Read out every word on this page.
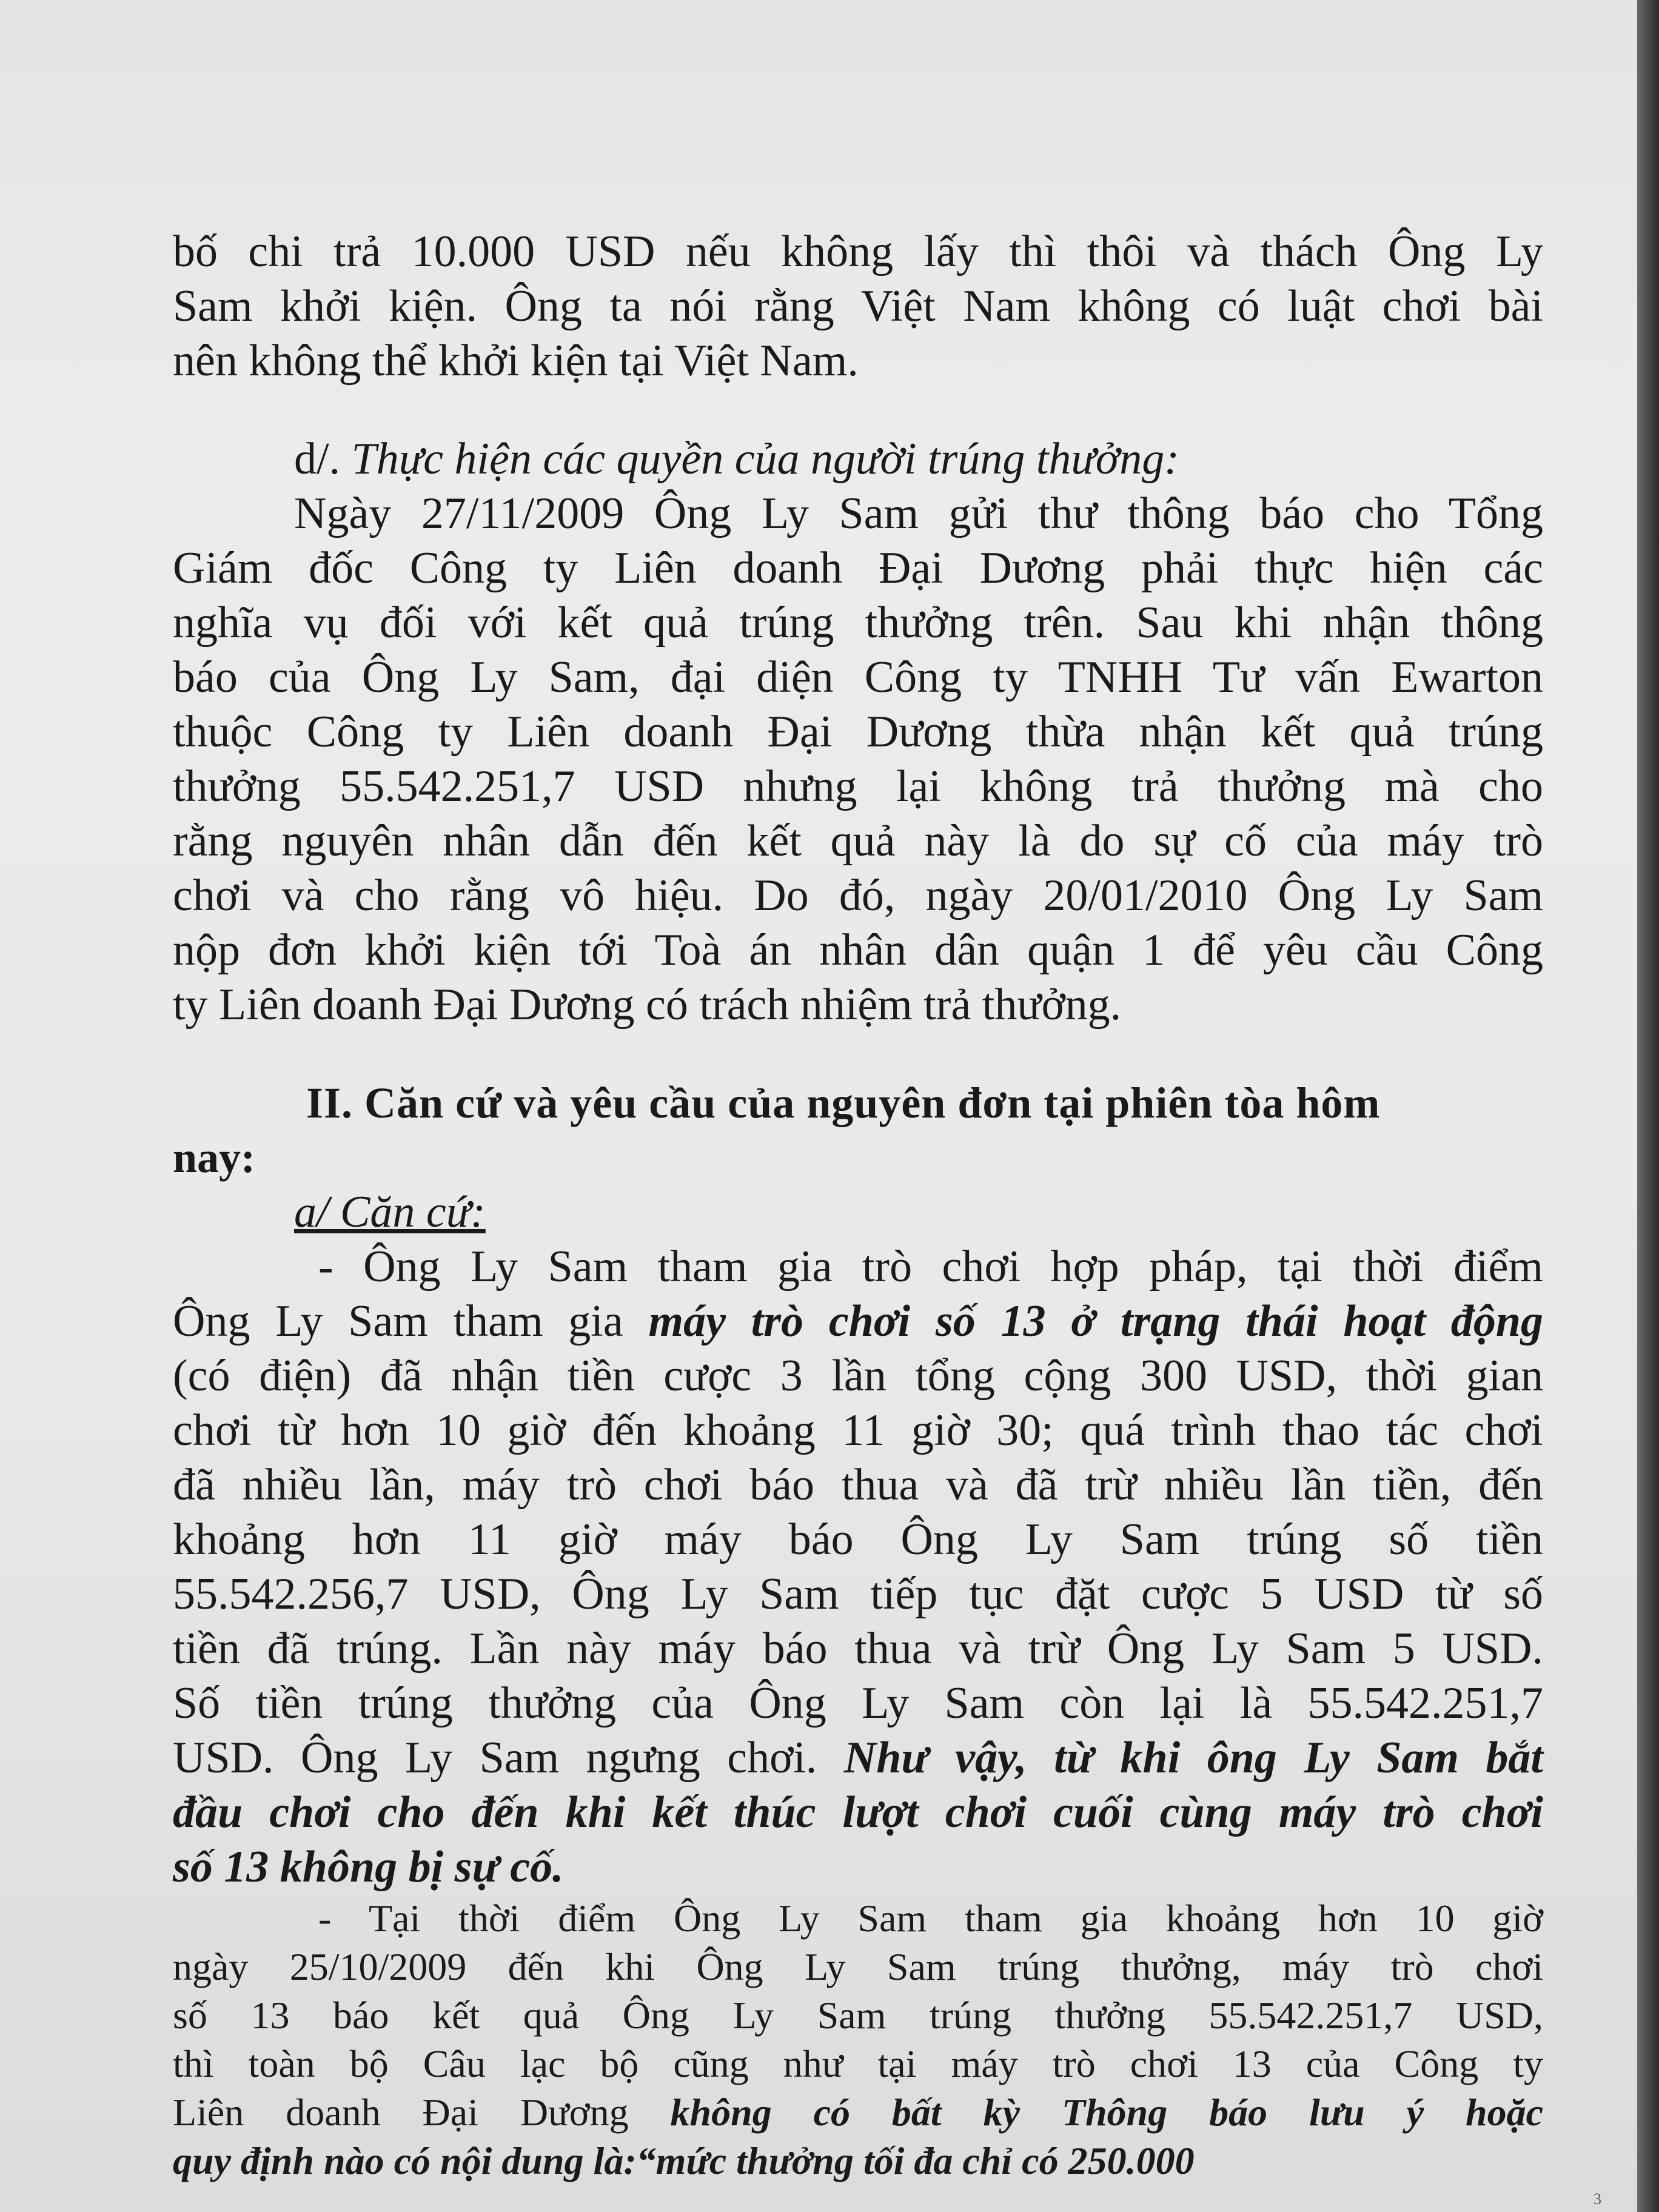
bố chi trả 10.000 USD nếu không lấy thì thôi và thách Ông Ly
Sam khởi kiện. Ông ta nói rằng Việt Nam không có luật chơi bài
nên không thể khởi kiện tại Việt Nam.
d/. Thực hiện các quyền của người trúng thưởng:
Ngày 27/11/2009 Ông Ly Sam gửi thư thông báo cho Tổng
Giám đốc Công ty Liên doanh Đại Dương phải thực hiện các
nghĩa vụ đối với kết quả trúng thưởng trên. Sau khi nhận thông
báo của Ông Ly Sam, đại diện Công ty TNHH Tư vấn Ewarton
thuộc Công ty Liên doanh Đại Dương thừa nhận kết quả trúng
thưởng 55.542.251,7 USD nhưng lại không trả thưởng mà cho
rằng nguyên nhân dẫn đến kết quả này là do sự cố của máy trò
chơi và cho rằng vô hiệu. Do đó, ngày 20/01/2010 Ông Ly Sam
nộp đơn khởi kiện tới Toà án nhân dân quận 1 để yêu cầu Công
ty Liên doanh Đại Dương có trách nhiệm trả thưởng.
II. Căn cứ và yêu cầu của nguyên đơn tại phiên tòa hôm
nay:
a/ Căn cứ:
- Ông Ly Sam tham gia trò chơi hợp pháp, tại thời điểm
Ông Ly Sam tham gia máy trò chơi số 13 ở trạng thái hoạt động
(có điện) đã nhận tiền cược 3 lần tổng cộng 300 USD, thời gian
chơi từ hơn 10 giờ đến khoảng 11 giờ 30; quá trình thao tác chơi
đã nhiều lần, máy trò chơi báo thua và đã trừ nhiều lần tiền, đến
khoảng hơn 11 giờ máy báo Ông Ly Sam trúng số tiền
55.542.256,7 USD, Ông Ly Sam tiếp tục đặt cược 5 USD từ số
tiền đã trúng. Lần này máy báo thua và trừ Ông Ly Sam 5 USD.
Số tiền trúng thưởng của Ông Ly Sam còn lại là 55.542.251,7
USD. Ông Ly Sam ngưng chơi. Như vậy, từ khi ông Ly Sam bắt
đầu chơi cho đến khi kết thúc lượt chơi cuối cùng máy trò chơi
số 13 không bị sự cố.
- Tại thời điểm Ông Ly Sam tham gia khoảng hơn 10 giờ
ngày 25/10/2009 đến khi Ông Ly Sam trúng thưởng, máy trò chơi
số 13 báo kết quả Ông Ly Sam trúng thưởng 55.542.251,7 USD,
thì toàn bộ Câu lạc bộ cũng như tại máy trò chơi 13 của Công ty
Liên doanh Đại Dương không có bất kỳ Thông báo lưu ý hoặc
quy định nào có nội dung là:“mức thưởng tối đa chỉ có 250.000
3
